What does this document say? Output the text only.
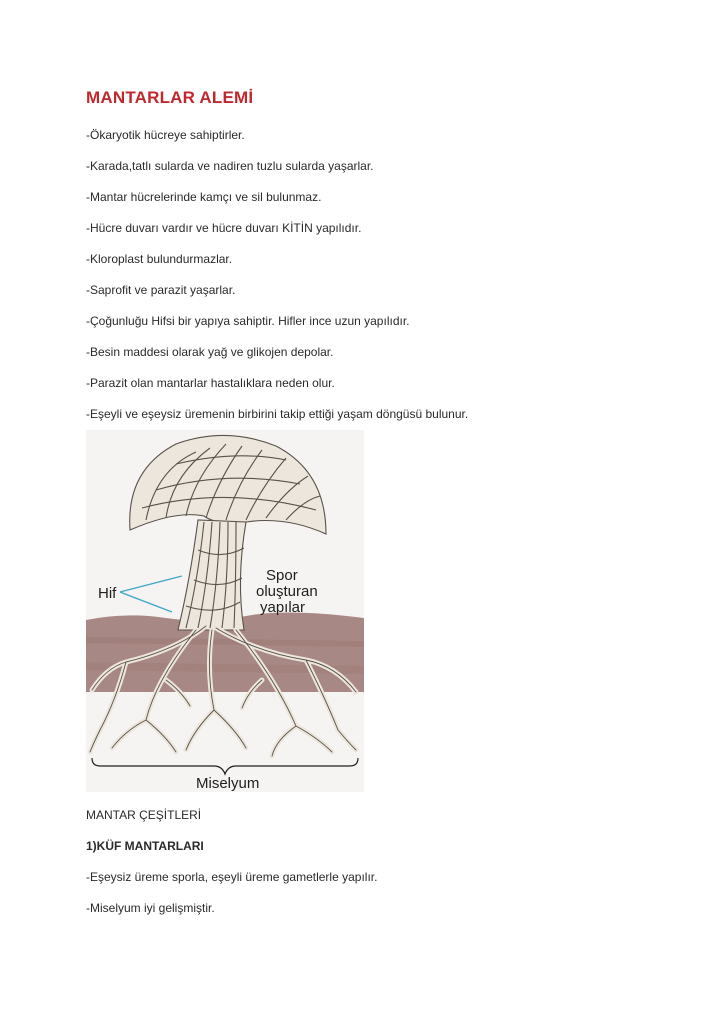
MANTARLAR ALEMİ
-Ökaryotik hücreye sahiptirler.
-Karada,tatlı sularda ve nadiren tuzlu sularda yaşarlar.
-Mantar hücrelerinde kamçı ve sil bulunmaz.
-Hücre duvarı vardır ve hücre duvarı KİTİN yapılıdır.
-Kloroplast bulundurmazlar.
-Saprofit ve parazit yaşarlar.
-Çoğunluğu Hifsi bir yapıya sahiptir. Hifler ince uzun yapılıdır.
-Besin maddesi olarak yağ ve glikojen depolar.
-Parazit olan mantarlar hastalıklara neden olur.
-Eşeyli ve eşeysiz üremenin birbirini takip ettiği yaşam döngüsü bulunur.
Hif
Spor
oluşturan
yapılar
Miselyum
MANTAR ÇEŞİTLERİ
1)KÜF MANTARLARI
-Eşeysiz üreme sporla, eşeyli üreme gametlerle yapılır.
-Miselyum iyi gelişmiştir.
